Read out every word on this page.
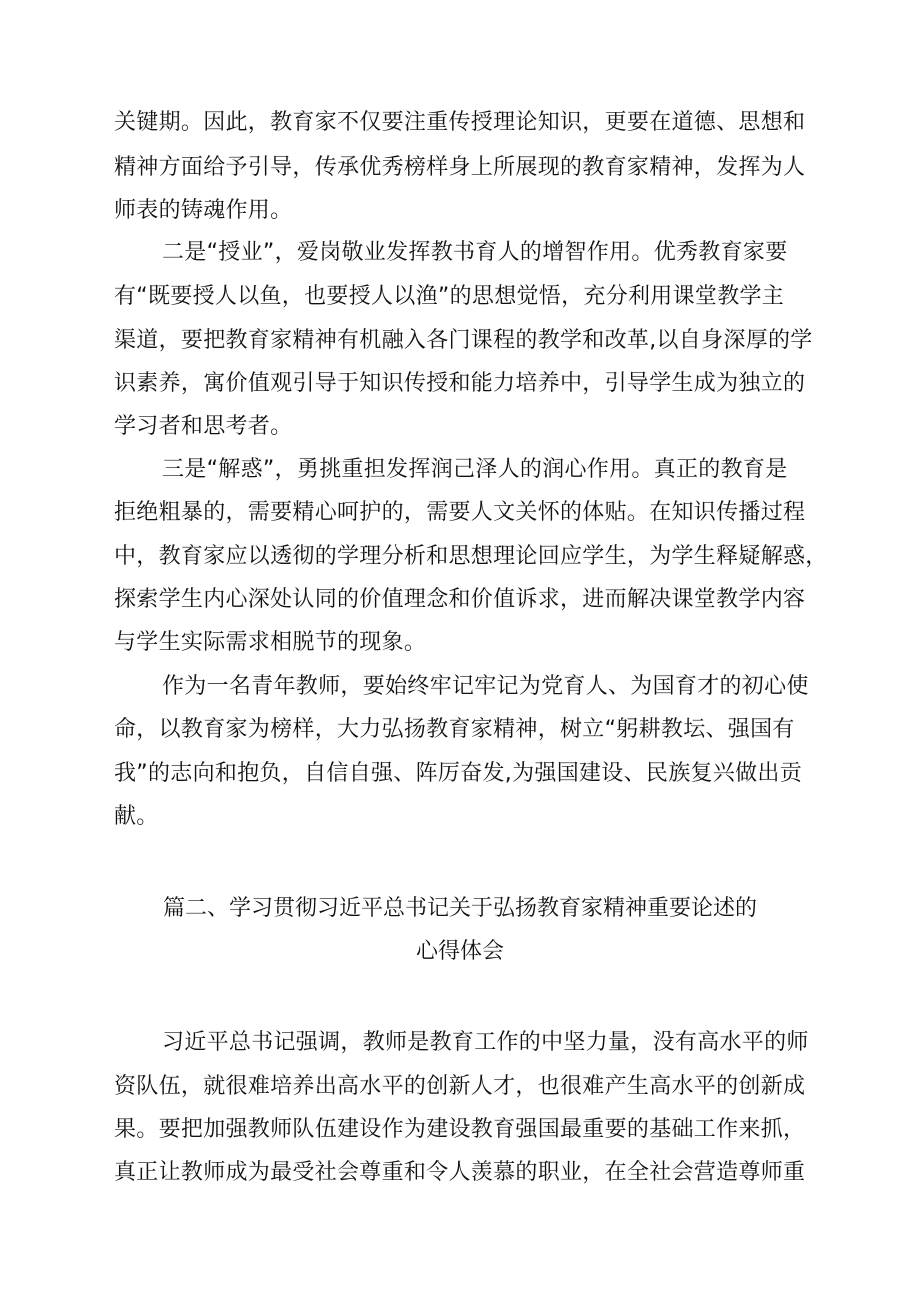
关键期。因此，教育家不仅要注重传授理论知识，更要在道德、思想和
精神方面给予引导，传承优秀榜样身上所展现的教育家精神，发挥为人
师表的铸魂作用。
二是“授业”，爱岗敬业发挥教书育人的增智作用。优秀教育家要
有“既要授人以鱼，也要授人以渔”的思想觉悟，充分利用课堂教学主
渠道，要把教育家精神有机融入各门课程的教学和改革,以自身深厚的学
识素养，寓价值观引导于知识传授和能力培养中，引导学生成为独立的
学习者和思考者。
三是“解惑”，勇挑重担发挥润己泽人的润心作用。真正的教育是
拒绝粗暴的，需要精心呵护的，需要人文关怀的体贴。在知识传播过程
中，教育家应以透彻的学理分析和思想理论回应学生，为学生释疑解惑，
探索学生内心深处认同的价值理念和价值诉求，进而解决课堂教学内容
与学生实际需求相脱节的现象。
作为一名青年教师，要始终牢记牢记为党育人、为国育才的初心使
命，以教育家为榜样，大力弘扬教育家精神，树立“躬耕教坛、强国有
我”的志向和抱负，自信自强、阵厉奋发,为强国建设、民族复兴做出贡
献。
篇二、学习贯彻习近平总书记关于弘扬教育家精神重要论述的
心得体会
习近平总书记强调，教师是教育工作的中坚力量，没有高水平的师
资队伍，就很难培养出高水平的创新人才，也很难产生高水平的创新成
果。要把加强教师队伍建设作为建设教育强国最重要的基础工作来抓，
真正让教师成为最受社会尊重和令人羡慕的职业，在全社会营造尊师重
